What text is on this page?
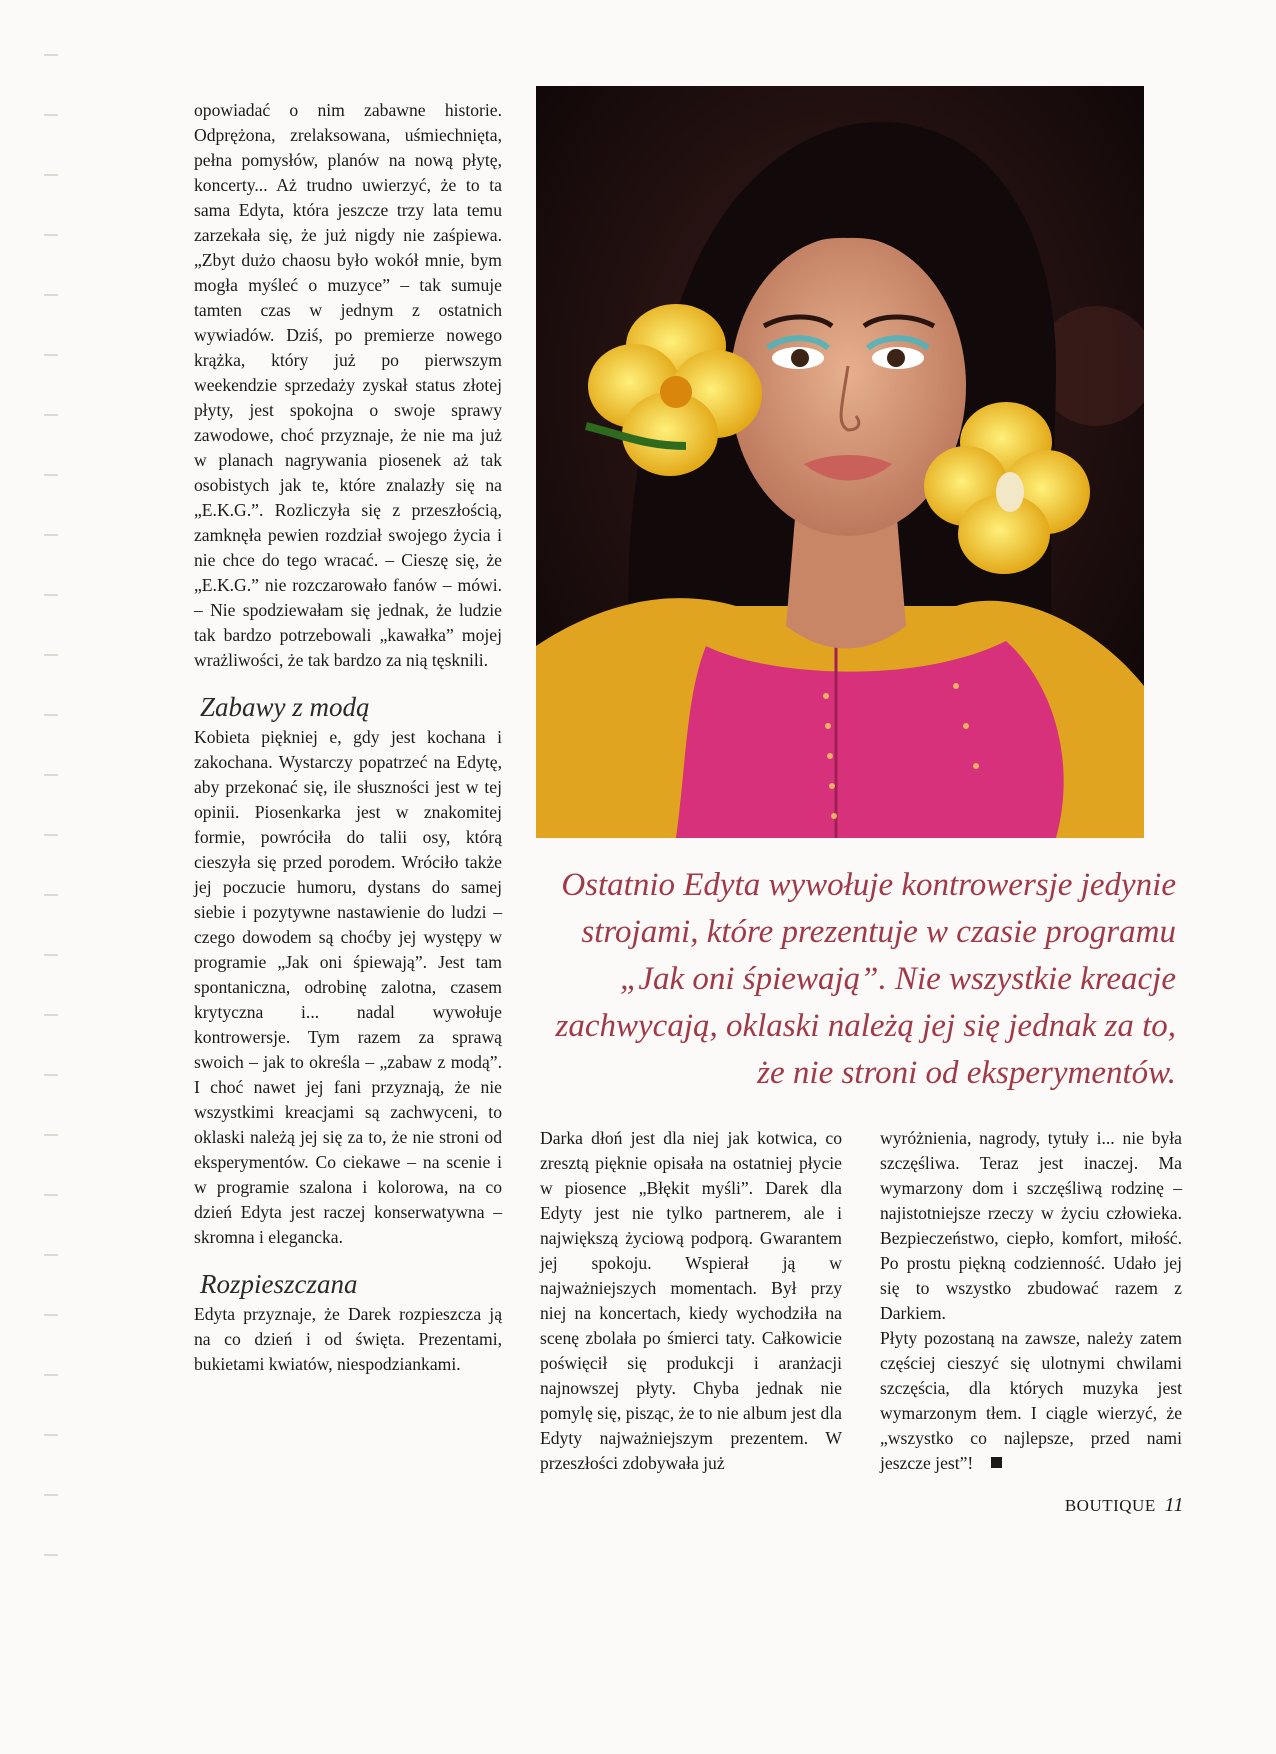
opowiadać o nim zabawne historie. Odprężona, zrelaksowana, uśmiechnięta, pełna pomysłów, planów na nową płytę, koncerty... Aż trudno uwierzyć, że to ta sama Edyta, która jeszcze trzy lata temu zarzekała się, że już nigdy nie zaśpiewa. „Zbyt dużo chaosu było wokół mnie, bym mogła myśleć o muzyce” – tak sumuje tamten czas w jednym z ostatnich wywiadów. Dziś, po premierze nowego krążka, który już po pierwszym weekendzie sprzedaży zyskał status złotej płyty, jest spokojna o swoje sprawy zawodowe, choć przyznaje, że nie ma już w planach nagrywania piosenek aż tak osobistych jak te, które znalazły się na „E.K.G.”. Rozliczyła się z przeszłością, zamknęła pewien rozdział swojego życia i nie chce do tego wracać. – Cieszę się, że „E.K.G.” nie rozczarowało fanów – mówi. – Nie spodziewałam się jednak, że ludzie tak bardzo potrzebowali „kawałka” mojej wrażliwości, że tak bardzo za nią tęsknili.

Zabawy z modą

Kobieta piękniej e, gdy jest kochana i zakochana. Wystarczy popatrzeć na Edytę, aby przekonać się, ile słuszności jest w tej opinii. Piosenkarka jest w znakomitej formie, powróciła do talii osy, którą cieszyła się przed porodem. Wróciło także jej poczucie humoru, dystans do samej siebie i pozytywne nastawienie do ludzi – czego dowodem są choćby jej występy w programie „Jak oni śpiewają”. Jest tam spontaniczna, odrobinę zalotna, czasem krytyczna i... nadal wywołuje kontrowersje. Tym razem za sprawą swoich – jak to określa – „zabaw z modą”. I choć nawet jej fani przyznają, że nie wszystkimi kreacjami są zachwyceni, to oklaski należą jej się za to, że nie stroni od eksperymentów. Co ciekawe – na scenie i w programie szalona i kolorowa, na co dzień Edyta jest raczej konserwatywna – skromna i elegancka.

Rozpieszczana

Edyta przyznaje, że Darek rozpieszcza ją na co dzień i od święta. Prezentami, bukietami kwiatów, niespodziankami.

Ostatnio Edyta wywołuje kontrowersje jedynie strojami, które prezentuje w czasie programu „Jak oni śpiewają”. Nie wszystkie kreacje zachwycają, oklaski należą jej się jednak za to, że nie stroni od eksperymentów.

Darka dłoń jest dla niej jak kotwica, co zresztą pięknie opisała na ostatniej płycie w piosence „Błękit myśli”. Darek dla Edyty jest nie tylko partnerem, ale i największą życiową podporą. Gwarantem jej spokoju. Wspierał ją w najważniejszych momentach. Był przy niej na koncertach, kiedy wychodziła na scenę zbolała po śmierci taty. Całkowicie poświęcił się produkcji i aranżacji najnowszej płyty. Chyba jednak nie pomylę się, pisząc, że to nie album jest dla Edyty najważniejszym prezentem. W przeszłości zdobywała już

wyróżnienia, nagrody, tytuły i... nie była szczęśliwa. Teraz jest inaczej. Ma wymarzony dom i szczęśliwą rodzinę – najistotniejsze rzeczy w życiu człowieka. Bezpieczeństwo, ciepło, komfort, miłość. Po prostu piękną codzienność. Udało jej się to wszystko zbudować razem z Darkiem.

Płyty pozostaną na zawsze, należy zatem częściej cieszyć się ulotnymi chwilami szczęścia, dla których muzyka jest wymarzonym tłem. I ciągle wierzyć, że „wszystko co najlepsze, przed nami jeszcze jest”!

BOUTIQUE 11
